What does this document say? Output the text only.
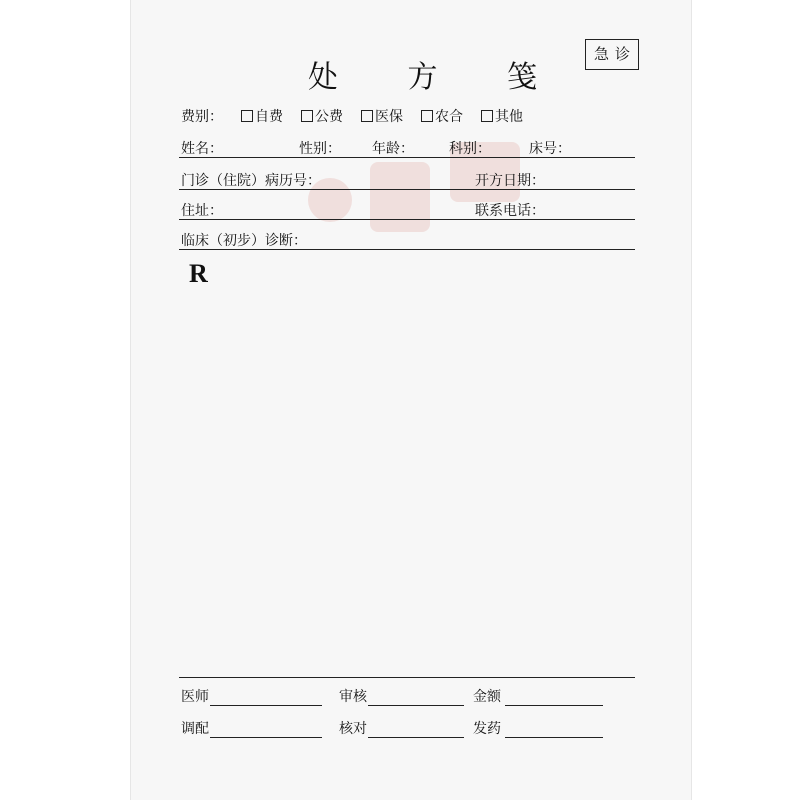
处 方 笺
急诊
费别： 自费 公费 医保 农合 其他
姓名：	性别： 年龄：	科别：	床号：
门诊（住院）病历号：	开方日期：
住址：	联系电话：
临床（初步）诊断：
R
医师	审核	金额
调配	核对	发药
